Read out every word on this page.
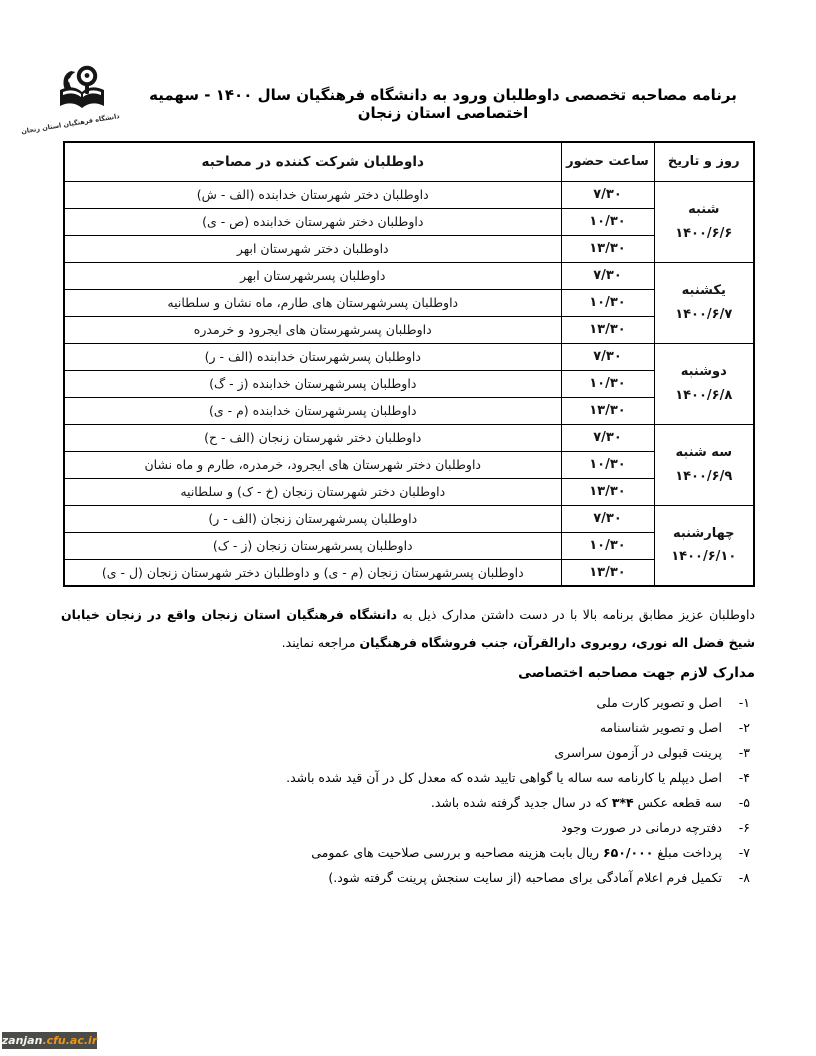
دانشگاه فرهنگیان استان زنجان
برنامه مصاحبه تخصصی داوطلبان ورود به دانشگاه فرهنگیان سال ۱۴۰۰ - سهمیه اختصاصی استان زنجان
روز و تاریخ	ساعت حضور	داوطلبان شرکت کننده در مصاحبه

شنبه
۱۴۰۰/۶/۶	۷/۳۰	داوطلبان دختر شهرستان خدابنده (الف - ش)
	۱۰/۳۰	داوطلبان دختر شهرستان خدابنده (ص - ی)
	۱۳/۳۰	داوطلبان دختر شهرستان ابهر

یکشنبه
۱۴۰۰/۶/۷	۷/۳۰	داوطلبان پسرشهرستان ابهر
	۱۰/۳۰	داوطلبان پسرشهرستان های طارم، ماه نشان و سلطانیه
	۱۳/۳۰	داوطلبان پسرشهرستان های ایجرود و خرمدره

دوشنبه
۱۴۰۰/۶/۸	۷/۳۰	داوطلبان پسرشهرستان خدابنده (الف - ر)
	۱۰/۳۰	داوطلبان پسرشهرستان خدابنده (ز - گ)
	۱۳/۳۰	داوطلبان پسرشهرستان خدابنده (م - ی)

سه شنبه
۱۴۰۰/۶/۹	۷/۳۰	داوطلبان دختر شهرستان زنجان (الف - ح)
	۱۰/۳۰	داوطلبان دختر شهرستان های ایجرود، خرمدره، طارم و ماه نشان
	۱۳/۳۰	داوطلبان دختر شهرستان زنجان (خ - ک) و سلطانیه

چهارشنبه
۱۴۰۰/۶/۱۰	۷/۳۰	داوطلبان پسرشهرستان زنجان (الف - ر)
	۱۰/۳۰	داوطلبان پسرشهرستان زنجان (ز - ک)
	۱۳/۳۰	داوطلبان پسرشهرستان زنجان (م - ی) و داوطلبان دختر شهرستان زنجان (ل - ی)

داوطلبان عزیز مطابق برنامه بالا با در دست داشتن مدارک ذیل به دانشگاه فرهنگیان استان زنجان واقع در زنجان خیابان شیخ فضل اله نوری، روبروی دارالقرآن، جنب فروشگاه فرهنگیان مراجعه نمایند.

مدارک لازم جهت مصاحبه اختصاصی
۱-
اصل و تصویر کارت ملی
۲-
اصل و تصویر شناسنامه
۳-
پرینت قبولی در آزمون سراسری
۴-
اصل دیپلم یا کارنامه سه ساله یا گواهی تایید شده که معدل کل در آن قید شده باشد.
۵-
سه قطعه عکس ۴*۳ که در سال جدید گرفته شده باشد.
۶-
دفترچه درمانی در صورت وجود
۷-
پرداخت مبلغ ۶۵۰/۰۰۰ ریال بابت هزینه مصاحبه و بررسی صلاحیت های عمومی
۸-
تکمیل فرم اعلام آمادگی برای مصاحبه (از سایت سنجش پرینت گرفته شود.)
zanjan .cfu.ac.ir
